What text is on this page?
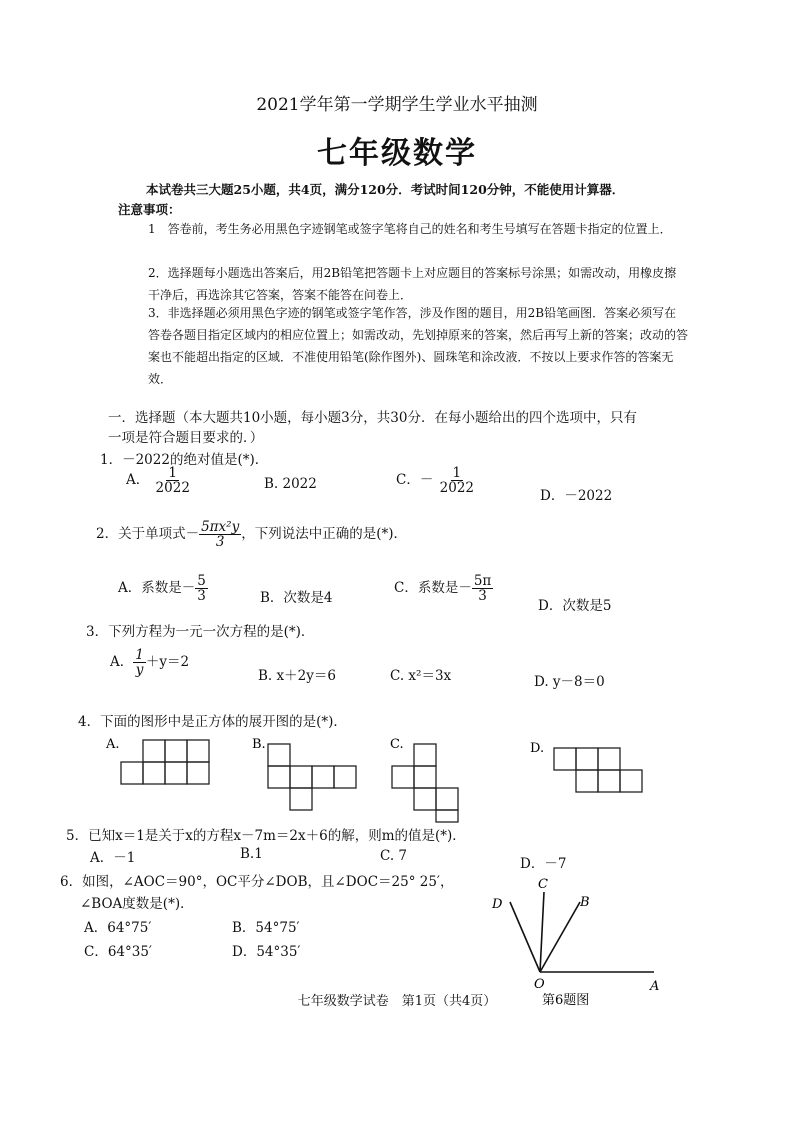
2021学年第一学期学生学业水平抽测
七年级数学
本试卷共三大题25小题，共4页，满分120分．考试时间120分钟，不能使用计算器．
注意事项：
1　答卷前，考生务必用黑色字迹钢笔或签字笔将自己的姓名和考生号填写在答题卡指定的位置上．
2．选择题每小题选出答案后，用2B铅笔把答题卡上对应题目的答案标号涂黑；如需改动，用橡皮擦干净后，再选涂其它答案，答案不能答在问卷上．
3．非选择题必须用黑色字迹的钢笔或签字笔作答，涉及作图的题目，用2B铅笔画图．答案必须写在答卷各题目指定区域内的相应位置上；如需改动，先划掉原来的答案，然后再写上新的答案；改动的答案也不能超出指定的区域．不准使用铅笔(除作图外)、圆珠笔和涂改液．不按以上要求作答的答案无效．
一．选择题（本大题共10小题，每小题3分，共30分．在每小题给出的四个选项中，只有
一项是符合题目要求的．）
1．－2022的绝对值是(*)．
A． $\frac{1}{2022}$	B. 2022	C．－ $\frac{1}{2022}$
D．－2022
2．关于单项式－ $\frac{\text{5πx²y}}{3}$ ，下列说法中正确的是(*)．
A．系数是－ $\frac{5}{3}$	B．次数是4
C．系数是－ $\frac{5\pi}{3}$
D．次数是5
3．下列方程为一元一次方程的是(*)．
A． $\frac{1}{y} +y=2$
B. x＋2y＝6	C. x²＝3x	D. y－8＝0
4．下面的图形中是正方体的展开图的是(*)．
A.	B.	C.	D.
5．已知x＝1是关于x的方程x－7m＝2x＋6的解，则m的值是(*)．
A．－1	B.1	C. 7	D．－7
6．如图，∠AOC＝90°，OC平分∠DOB，且∠DOC＝25° 25′，
∠BOA度数是(*)．
A．64°75′	B．54°75′
C．64°35′	D．54°35′
C
D	B
O	A
第6题图
七年级数学试卷　第1页（共4页）
